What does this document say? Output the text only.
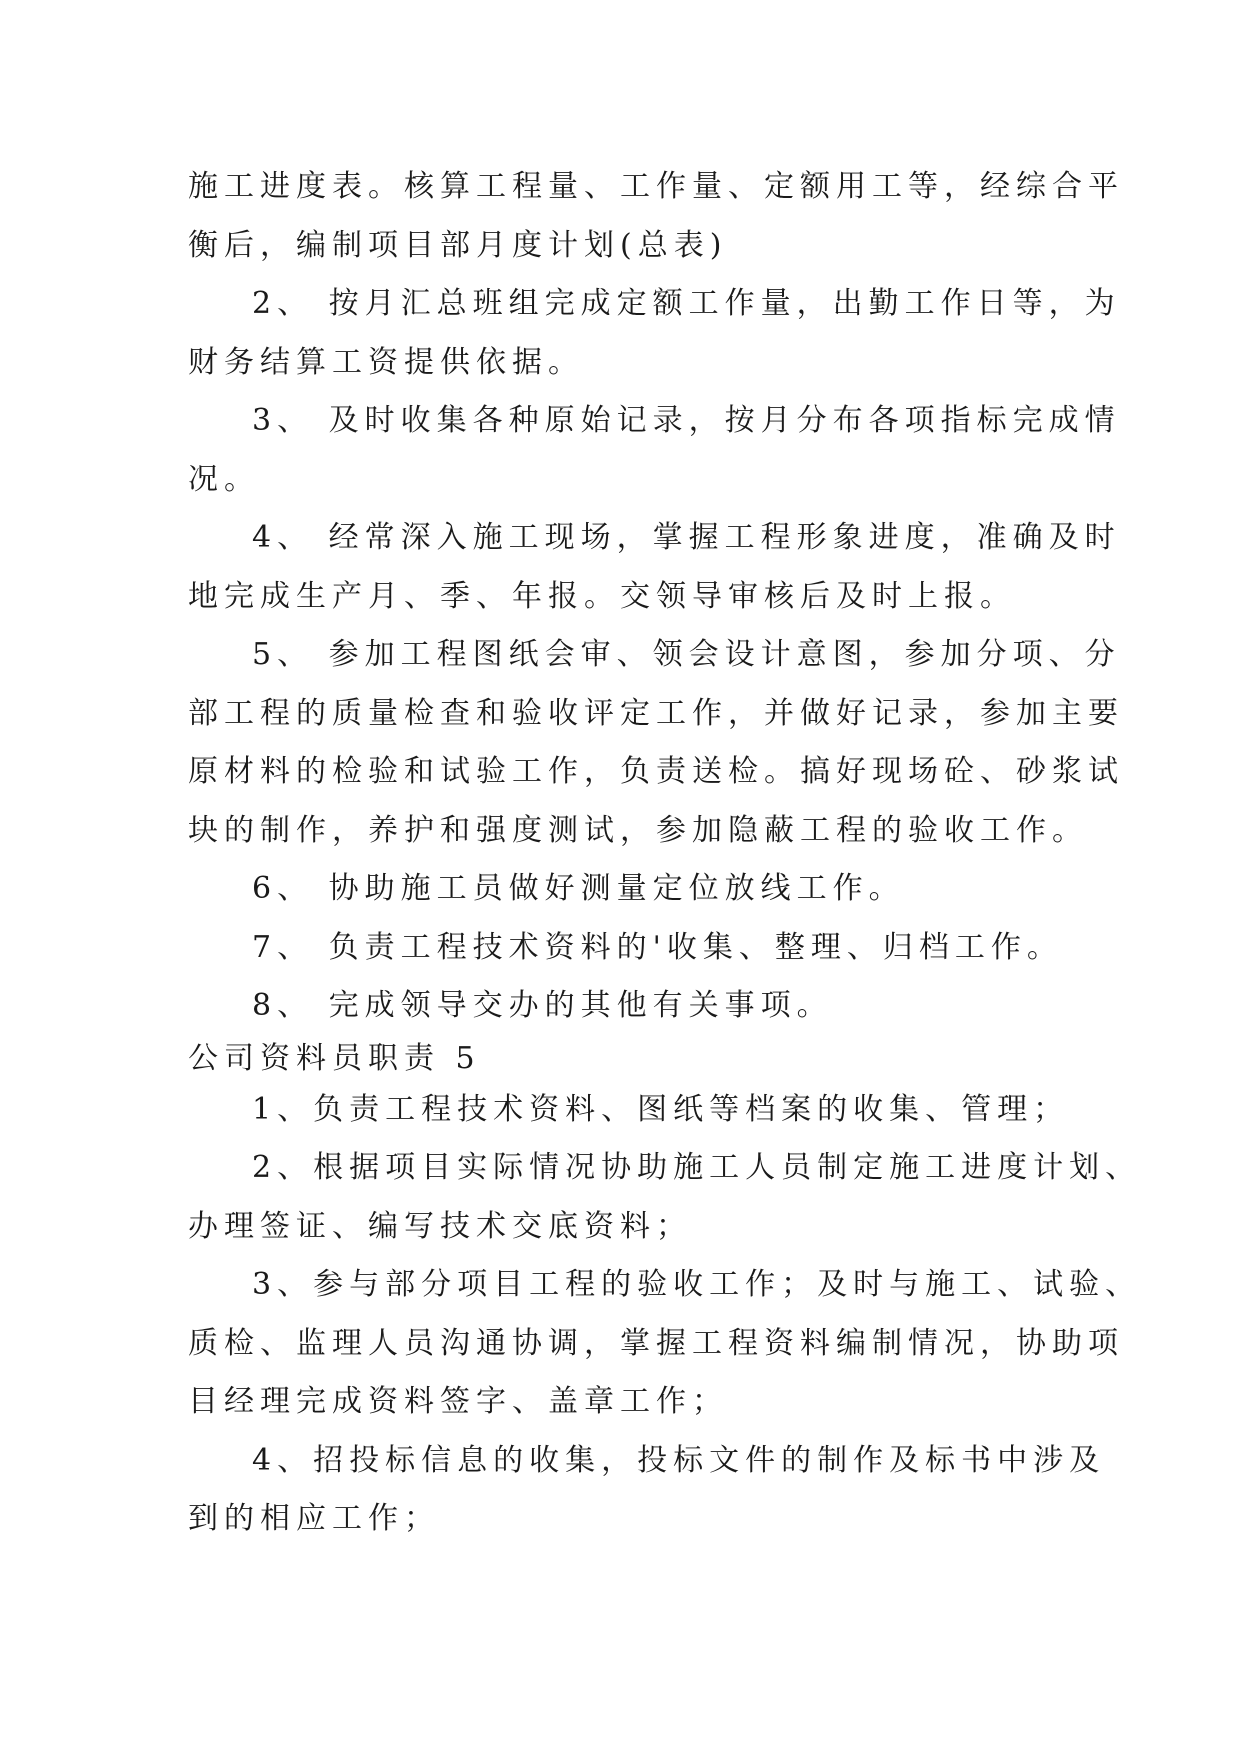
施工进度表。核算工程量、工作量、定额用工等，经综合平
衡后，编制项目部月度计划(总表)
2、 按月汇总班组完成定额工作量，出勤工作日等，为
财务结算工资提供依据。
3、 及时收集各种原始记录，按月分布各项指标完成情
况。
4、 经常深入施工现场，掌握工程形象进度，准确及时
地完成生产月、季、年报。交领导审核后及时上报。
5、 参加工程图纸会审、领会设计意图，参加分项、分
部工程的质量检查和验收评定工作，并做好记录，参加主要
原材料的检验和试验工作，负责送检。搞好现场砼、砂浆试
块的制作，养护和强度测试，参加隐蔽工程的验收工作。
6、 协助施工员做好测量定位放线工作。
7、 负责工程技术资料的'收集、整理、归档工作。
8、 完成领导交办的其他有关事项。
公司资料员职责 5
1、负责工程技术资料、图纸等档案的收集、管理；
2、根据项目实际情况协助施工人员制定施工进度计划、
办理签证、编写技术交底资料；
3、参与部分项目工程的验收工作；及时与施工、试验、
质检、监理人员沟通协调，掌握工程资料编制情况，协助项
目经理完成资料签字、盖章工作；
4、招投标信息的收集，投标文件的制作及标书中涉及
到的相应工作；
